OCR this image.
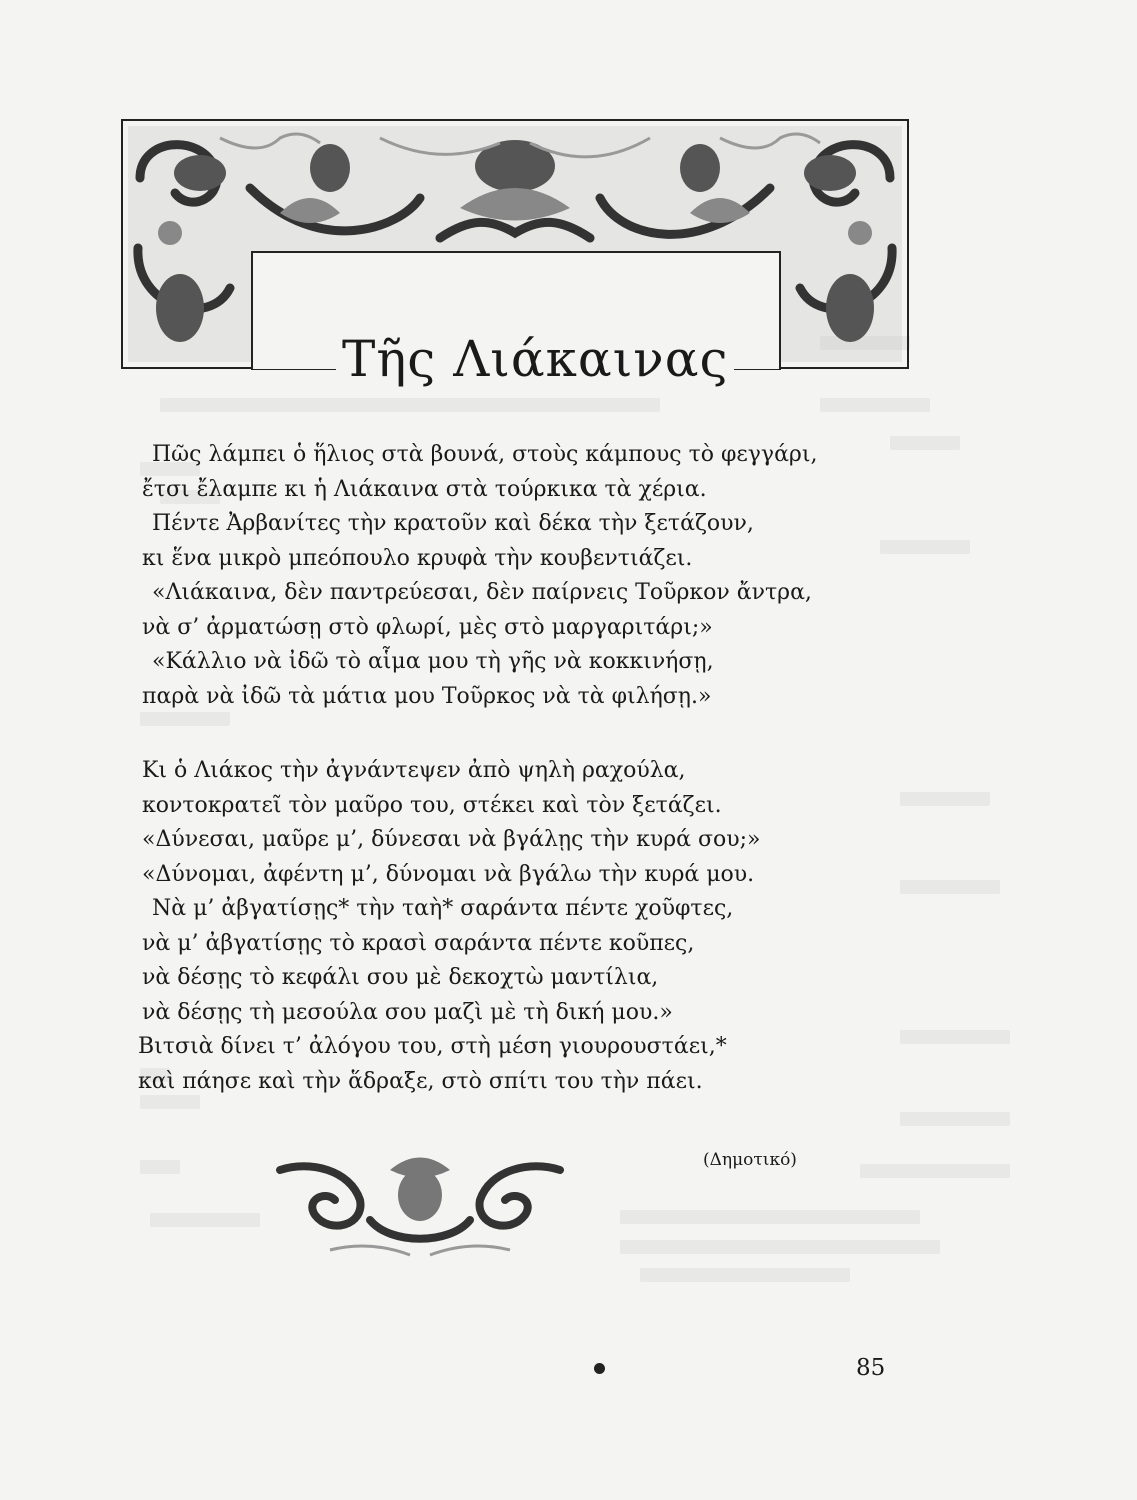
Τῆς Λιάκαινας
Πῶς λάμπει ὁ ἥλιος στὰ βουνά, στοὺς κάμπους τὸ φεγγάρι,
ἔτσι ἔλαμπε κι ἡ Λιάκαινα στὰ τούρκικα τὰ χέρια.
Πέντε Ἀρβανίτες τὴν κρατοῦν καὶ δέκα τὴν ξετάζουν,
κι ἕνα μικρὸ μπεόπουλο κρυφὰ τὴν κουβεντιάζει.
«Λιάκαινα, δὲν παντρεύεσαι, δὲν παίρνεις Τοῦρκον ἄντρα,
νὰ σ’ ἀρματώσῃ στὸ φλωρί, μὲς στὸ μαργαριτάρι;»
«Κάλλιο νὰ ἰδῶ τὸ αἷμα μου τὴ γῆς νὰ κοκκινήσῃ,
παρὰ νὰ ἰδῶ τὰ μάτια μου Τοῦρκος νὰ τὰ φιλήσῃ.»
Κι ὁ Λιάκος τὴν ἀγνάντεψεν ἀπὸ ψηλὴ ραχούλα,
κοντοκρατεῖ τὸν μαῦρο του, στέκει καὶ τὸν ξετάζει.
«Δύνεσαι, μαῦρε μ’, δύνεσαι νὰ βγάλῃς τὴν κυρά σου;»
«Δύνομαι, ἀφέντη μ’, δύνομαι νὰ βγάλω τὴν κυρά μου.
Νὰ μ’ ἀβγατίσῃς* τὴν ταὴ* σαράντα πέντε χοῦφτες,
νὰ μ’ ἀβγατίσῃς τὸ κρασὶ σαράντα πέντε κοῦπες,
νὰ δέσῃς τὸ κεφάλι σου μὲ δεκοχτὼ μαντίλια,
νὰ δέσῃς τὴ μεσούλα σου μαζὶ μὲ τὴ δική μου.»
Βιτσιὰ δίνει τ’ ἀλόγου του, στὴ μέση γιουρουστάει,*
καὶ πάησε καὶ τὴν ἅδραξε, στὸ σπίτι του τὴν πάει.
(Δημοτικό)
85
